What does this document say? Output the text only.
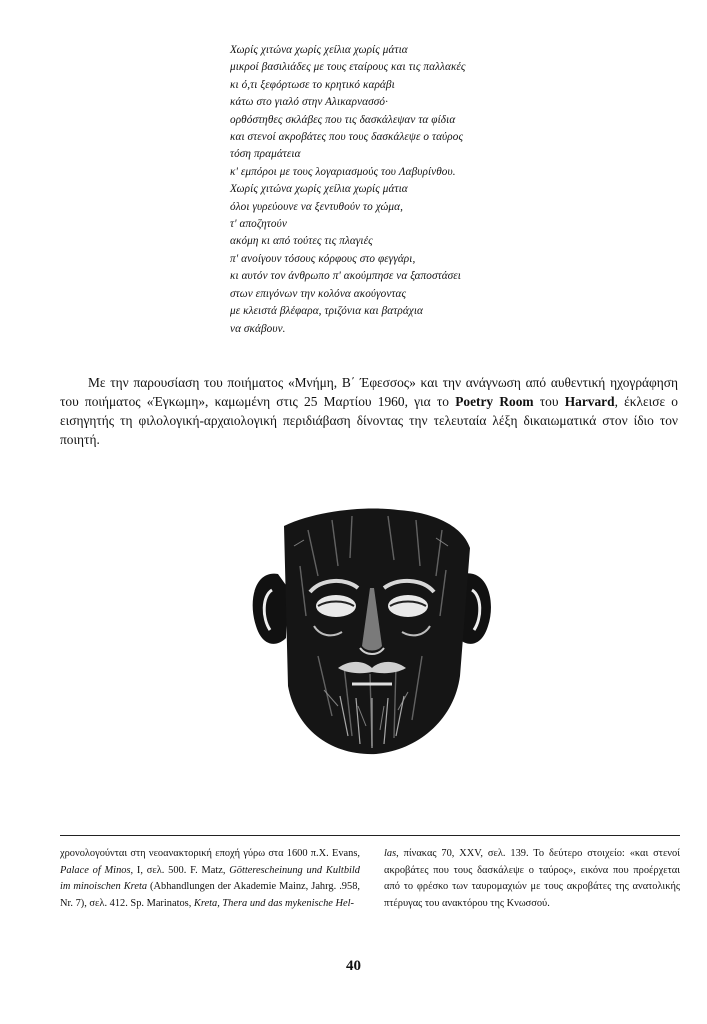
Χωρίς χιτώνα χωρίς χείλια χωρίς μάτια
μικροί βασιλιάδες με τους εταίρους και τις παλλακές
κι ό,τι ξεφόρτωσε το κρητικό καράβι
κάτω στο γιαλό στην Αλικαρνασσό·
ορθόστηθες σκλάβες που τις δασκάλεψαν τα φίδια
και στενοί ακροβάτες που τους δασκάλεψε ο ταύρος
τόση πραμάτεια
κ' εμπόροι με τους λογαριασμούς του Λαβυρίνθου.
Χωρίς χιτώνα χωρίς χείλια χωρίς μάτια
όλοι γυρεύουνε να ξεντυθούν το χώμα,
τ' αποζητούν
ακόμη κι από τούτες τις πλαγιές
π' ανοίγουν τόσους κόρφους στο φεγγάρι,
κι αυτόν τον άνθρωπο π' ακούμπησε να ξαποστάσει
στων επιγόνων την κολόνα ακούγοντας
με κλειστά βλέφαρα, τριζόνια και βατράχια
να σκάβουν.

Με την παρουσίαση του ποιήματος «Μνήμη, Β΄ Έφεσσος» και την ανάγνωση από αυθεντική ηχογράφηση του ποιήματος «Έγκωμη», καμωμένη στις 25 Μαρτίου 1960, για το Poetry Room του Harvard, έκλεισε ο εισηγητής τη φιλολογική-αρχαιολογική περιδιάβαση δίνοντας την τελευταία λέξη δικαιωματικά στον ίδιο τον ποιητή.

χρονολογούνται στη νεοανακτορική εποχή γύρω στα 1600 π.Χ. Evans, Palace of Minos, I, σελ. 500. F. Matz, Götterescheinung und Kultbild im minoischen Kreta (Abhandlungen der Akademie Mainz, Jahrg. .958, Nr. 7), σελ. 412. Sp. Marinatos, Kreta, Thera und das mykenische Hel-
las, πίνακας 70, XXV, σελ. 139. Το δεύτερο στοιχείο: «και στενοί ακροβάτες που τους δασκάλεψε ο ταύρος», εικόνα που προέρχεται από το φρέσκο των ταυρομαχιών με τους ακροβάτες της ανατολικής πτέρυγας του ανακτόρου της Κνωσσού.
40
